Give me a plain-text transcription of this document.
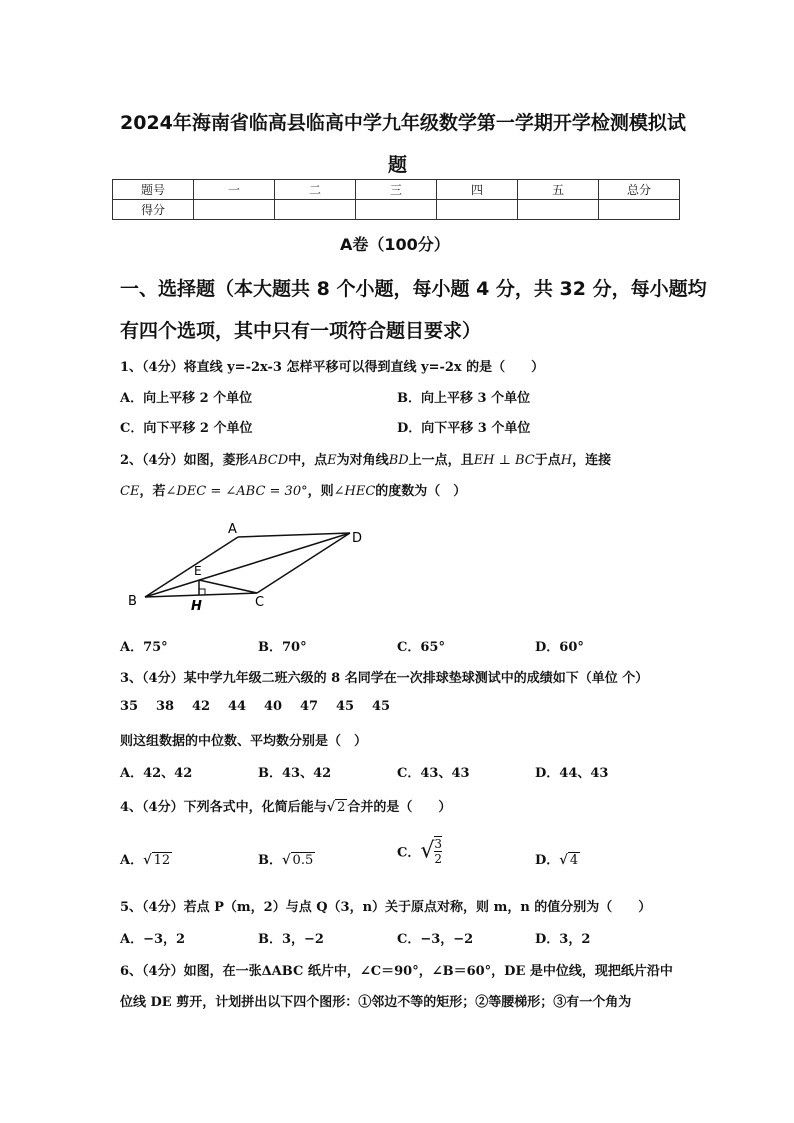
2024年海南省临高县临高中学九年级数学第一学期开学检测模拟试
题
题号	一	二	三	四	五	总分
得分						
A卷（100分）
一、选择题（本大题共 8 个小题，每小题 4 分，共 32 分，每小题均
有四个选项，其中只有一项符合题目要求）
1、（4分）将直线 y=-2x-3 怎样平移可以得到直线 y=-2x 的是（　　）
A．向上平移 2 个单位	B．向上平移 3 个单位
C．向下平移 2 个单位	D．向下平移 3 个单位
2、（4分）如图，菱形ABCD中，点E为对角线BD上一点，且EH ⊥ BC于点H，连接
CE，若∠DEC = ∠ABC = 30°，则∠HEC的度数为（　）
A
B	C
D
E
H
A．75°	B．70°	C．65°	D．60°
3、（4分）某中学九年级二班六级的 8 名同学在一次排球垫球测试中的成绩如下（单位 个）
35 38 42 44 40 47 45 45
则这组数据的中位数、平均数分别是（　）
A．42、42	B．43、42	C．43、43	D．44、43
4、（4分）下列各式中，化简后能与√ 2 合并的是（　　）
A．√ 12	B．√ 0.5	C．√ $\frac{3}{2}$	D．√ 4
5、（4分）若点 P（m，2）与点 Q（3，n）关于原点对称，则 m，n 的值分别为（　　）
A．−3，2	B．3，−2	C．−3，−2	D．3，2
6、（4分）如图，在一张ΔABC 纸片中，∠C＝90°，∠B＝60°，DE 是中位线，现把纸片沿中
位线 DE 剪开，计划拼出以下四个图形：①邻边不等的矩形；②等腰梯形；③有一个角为
